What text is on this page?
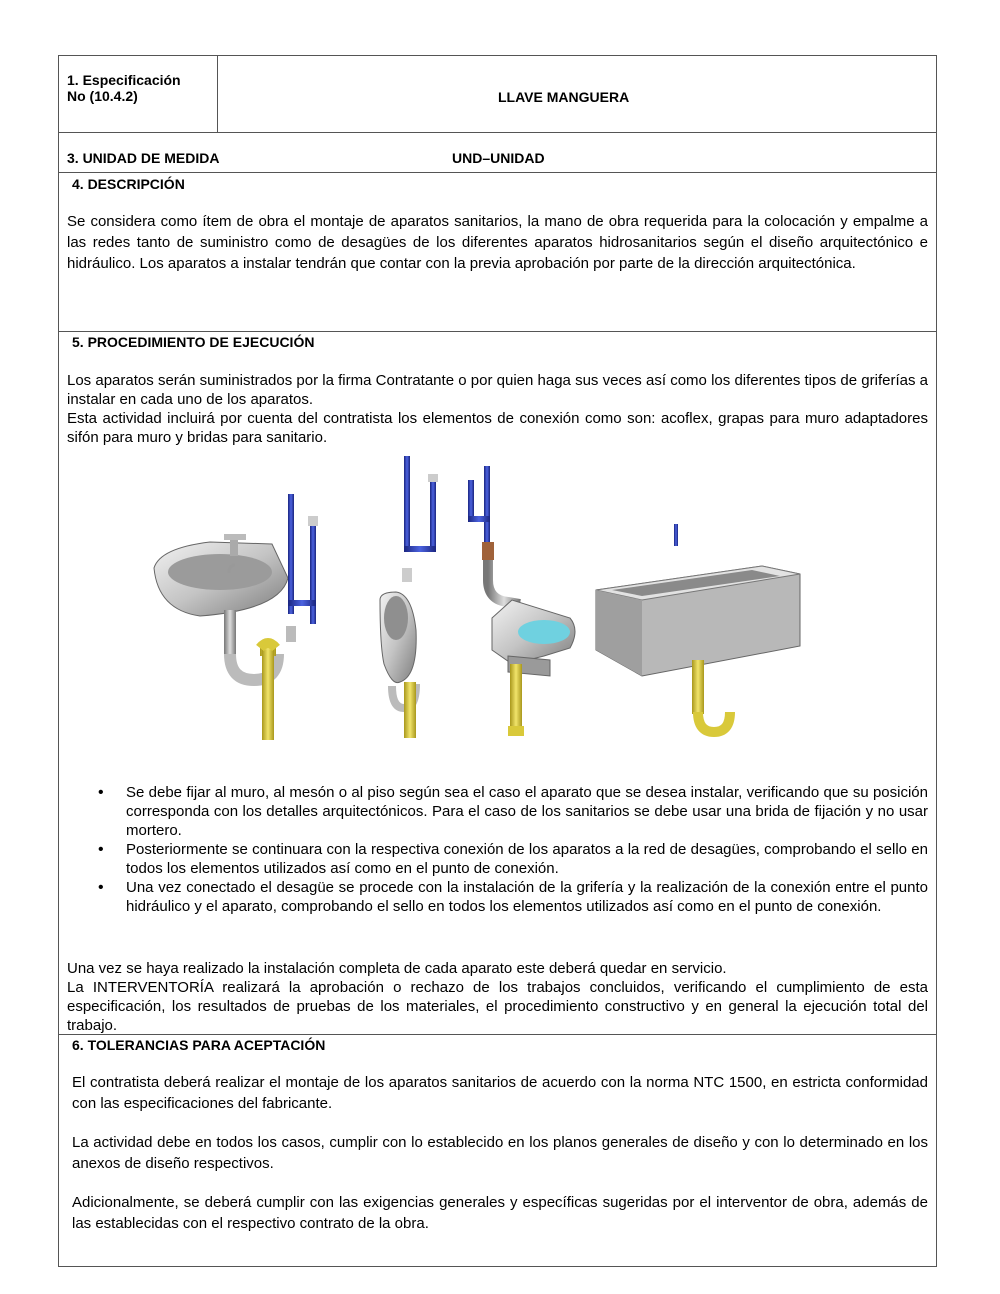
1. Especificación
No (10.4.2)	LLAVE MANGUERA
3. UNIDAD DE MEDIDA	UND–UNIDAD
4. DESCRIPCIÓN
Se considera como ítem de obra el montaje de aparatos sanitarios, la mano de obra requerida para la colocación y empalme a las redes tanto de suministro como de desagües de los diferentes aparatos hidrosanitarios según el diseño arquitectónico e hidráulico. Los aparatos a instalar tendrán que contar con la previa aprobación por parte de la dirección arquitectónica.
5. PROCEDIMIENTO DE EJECUCIÓN
Los aparatos serán suministrados por la firma Contratante o por quien haga sus veces así como los diferentes tipos de griferías a instalar en cada uno de los aparatos.
Esta actividad incluirá por cuenta del contratista los elementos de conexión como son: acoflex, grapas para muro adaptadores sifón para muro y bridas para sanitario.
• Se debe fijar al muro, al mesón o al piso según sea el caso el aparato que se desea instalar, verificando que su posición corresponda con los detalles arquitectónicos. Para el caso de los sanitarios se debe usar una brida de fijación y no usar mortero.
• Posteriormente se continuara con la respectiva conexión de los aparatos a la red de desagües, comprobando el sello en todos los elementos utilizados así como en el punto de conexión.
• Una vez conectado el desagüe se procede con la instalación de la grifería y la realización de la conexión entre el punto hidráulico y el aparato, comprobando el sello en todos los elementos utilizados así como en el punto de conexión.
Una vez se haya realizado la instalación completa de cada aparato este deberá quedar en servicio.
La INTERVENTORÍA realizará la aprobación o rechazo de los trabajos concluidos, verificando el cumplimiento de esta especificación, los resultados de pruebas de los materiales, el procedimiento constructivo y en general la ejecución total del trabajo.
6. TOLERANCIAS PARA ACEPTACIÓN
El contratista deberá realizar el montaje de los aparatos sanitarios de acuerdo con la norma NTC 1500, en estricta conformidad con las especificaciones del fabricante.
La actividad debe en todos los casos, cumplir con lo establecido en los planos generales de diseño y con lo determinado en los anexos de diseño respectivos.
Adicionalmente, se deberá cumplir con las exigencias generales y específicas sugeridas por el interventor de obra, además de las establecidas con el respectivo contrato de la obra.
